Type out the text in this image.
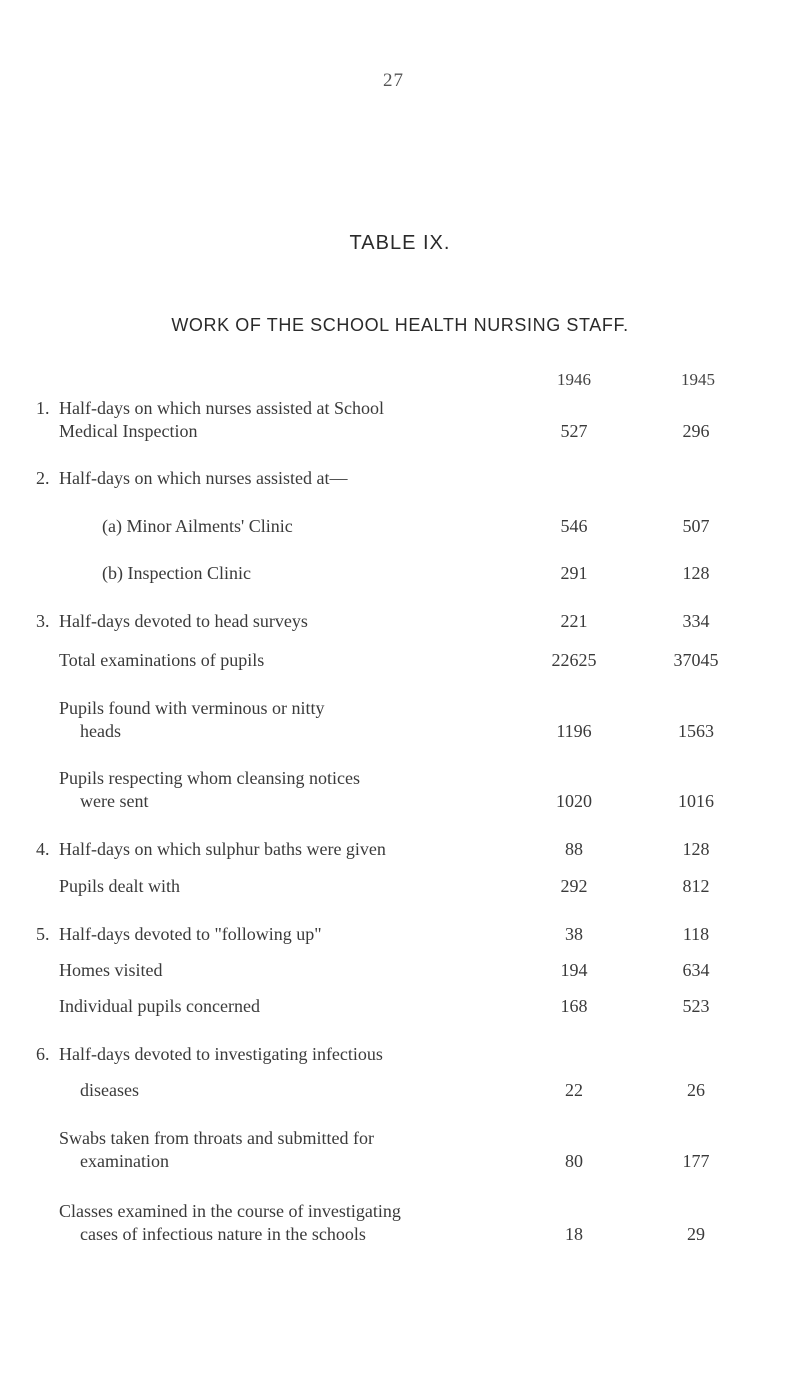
27
TABLE IX.
WORK OF THE SCHOOL HEALTH NURSING STAFF.
1946	1945
1. Half-days on which nurses assisted at School
Medical Inspection	527	296
2. Half-days on which nurses assisted at—
(a) Minor Ailments' Clinic	546	507
(b) Inspection Clinic	291	128
3. Half-days devoted to head surveys	221	334
Total examinations of pupils	22625	37045
Pupils found with verminous or nitty
heads	1196	1563
Pupils respecting whom cleansing notices
were sent	1020	1016
4. Half-days on which sulphur baths were given	88	128
Pupils dealt with	292	812
5. Half-days devoted to "following up"	38	118
Homes visited	194	634
Individual pupils concerned	168	523
6. Half-days devoted to investigating infectious
diseases	22	26
Swabs taken from throats and submitted for
examination	80	177
Classes examined in the course of investigating
cases of infectious nature in the schools	18	29
